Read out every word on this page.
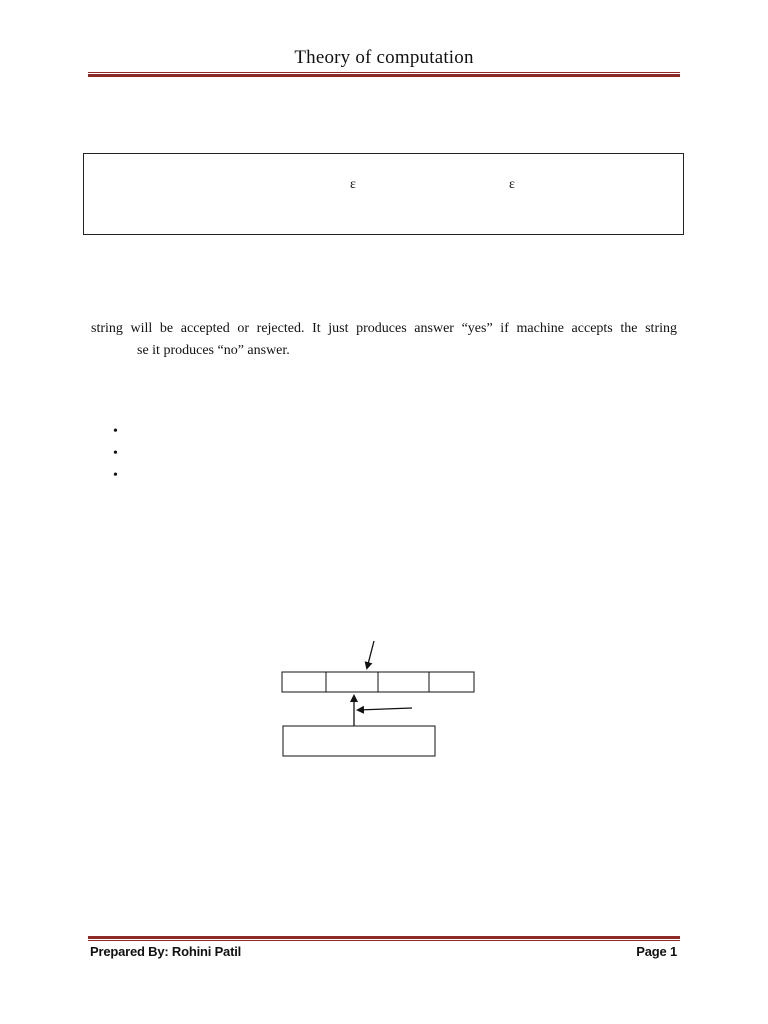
Theory of computation
ε	ε
string will be accepted or rejected. It just produces answer “yes” if machine accepts the string
se it produces “no” answer.
•
•
•
Prepared By: Rohini Patil	Page 1
